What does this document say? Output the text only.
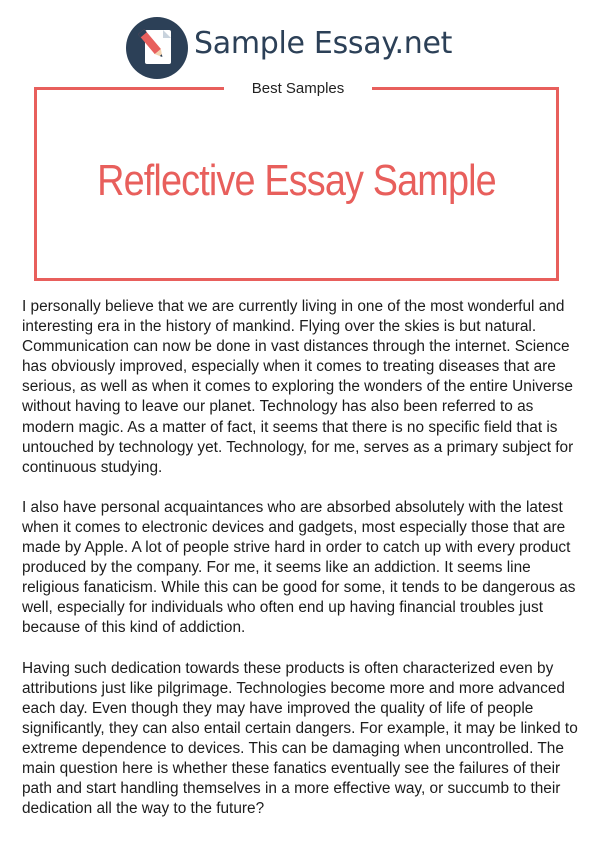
Sample Essay.net
Best Samples
Reflective Essay Sample

I personally believe that we are currently living in one of the most wonderful and interesting era in the history of mankind. Flying over the skies is but natural. Communication can now be done in vast distances through the internet. Science has obviously improved, especially when it comes to treating diseases that are serious, as well as when it comes to exploring the wonders of the entire Universe without having to leave our planet. Technology has also been referred to as modern magic. As a matter of fact, it seems that there is no specific field that is untouched by technology yet. Technology, for me, serves as a primary subject for continuous studying.

I also have personal acquaintances who are absorbed absolutely with the latest when it comes to electronic devices and gadgets, most especially those that are made by Apple. A lot of people strive hard in order to catch up with every product produced by the company. For me, it seems like an addiction. It seems line religious fanaticism. While this can be good for some, it tends to be dangerous as well, especially for individuals who often end up having financial troubles just because of this kind of addiction.

Having such dedication towards these products is often characterized even by attributions just like pilgrimage. Technologies become more and more advanced each day. Even though they may have improved the quality of life of people significantly, they can also entail certain dangers. For example, it may be linked to extreme dependence to devices. This can be damaging when uncontrolled. The main question here is whether these fanatics eventually see the failures of their path and start handling themselves in a more effective way, or succumb to their dedication all the way to the future?
